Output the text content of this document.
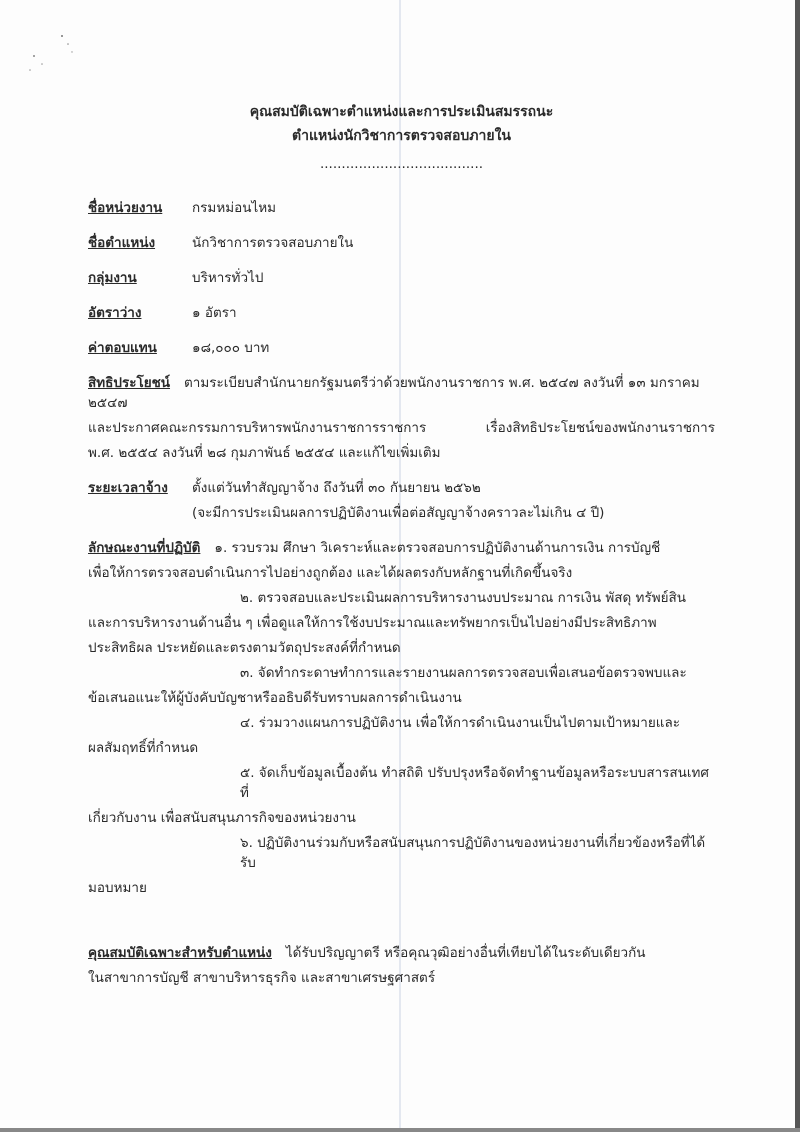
คุณสมบัติเฉพาะตำแหน่งและการประเมินสมรรถนะ
ตำแหน่งนักวิชาการตรวจสอบภายใน
......................................
ชื่อหน่วยงาน กรมหม่อนไหม
ชื่อตำแหน่ง	นักวิชาการตรวจสอบภายใน
กลุ่มงาน	บริหารทั่วไป
อัตราว่าง	๑ อัตรา
ค่าตอบแทน	๑๘,๐๐๐ บาท
สิทธิประโยชน์ ตามระเบียบสำนักนายกรัฐมนตรีว่าด้วยพนักงานราชการ พ.ศ. ๒๕๔๗ ลงวันที่ ๑๓ มกราคม ๒๕๔๗
และประกาศคณะกรรมการบริหารพนักงานราชการราชการ เรื่องสิทธิประโยชน์ของพนักงานราชการ
พ.ศ. ๒๕๕๔ ลงวันที่ ๒๘ กุมภาพันธ์ ๒๕๕๔ และแก้ไขเพิ่มเติม
ระยะเวลาจ้าง ตั้งแต่วันทำสัญญาจ้าง ถึงวันที่ ๓๐ กันยายน ๒๕๖๒
(จะมีการประเมินผลการปฏิบัติงานเพื่อต่อสัญญาจ้างคราวละไม่เกิน ๔ ปี)
ลักษณะงานที่ปฏิบัติ ๑. รวบรวม ศึกษา วิเคราะห์และตรวจสอบการปฏิบัติงานด้านการเงิน การบัญชี
เพื่อให้การตรวจสอบดำเนินการไปอย่างถูกต้อง และได้ผลตรงกับหลักฐานที่เกิดขึ้นจริง
๒. ตรวจสอบและประเมินผลการบริหารงานงบประมาณ การเงิน พัสดุ ทรัพย์สิน
และการบริหารงานด้านอื่น ๆ เพื่อดูแลให้การใช้งบประมาณและทรัพยากรเป็นไปอย่างมีประสิทธิภาพ
ประสิทธิผล ประหยัดและตรงตามวัตถุประสงค์ที่กำหนด
๓. จัดทำกระดาษทำการและรายงานผลการตรวจสอบเพื่อเสนอข้อตรวจพบและ
ข้อเสนอแนะให้ผู้บังคับบัญชาหรืออธิบดีรับทราบผลการดำเนินงาน
๔. ร่วมวางแผนการปฏิบัติงาน เพื่อให้การดำเนินงานเป็นไปตามเป้าหมายและ
ผลสัมฤทธิ์ที่กำหนด
๕. จัดเก็บข้อมูลเบื้องต้น ทำสถิติ ปรับปรุงหรือจัดทำฐานข้อมูลหรือระบบสารสนเทศที่
เกี่ยวกับงาน เพื่อสนับสนุนภารกิจของหน่วยงาน
๖. ปฏิบัติงานร่วมกับหรือสนับสนุนการปฏิบัติงานของหน่วยงานที่เกี่ยวข้องหรือที่ได้รับ
มอบหมาย
คุณสมบัติเฉพาะสำหรับตำแหน่ง ได้รับปริญญาตรี หรือคุณวุฒิอย่างอื่นที่เทียบได้ในระดับเดียวกัน
ในสาขาการบัญชี สาขาบริหารธุรกิจ และสาขาเศรษฐศาสตร์
